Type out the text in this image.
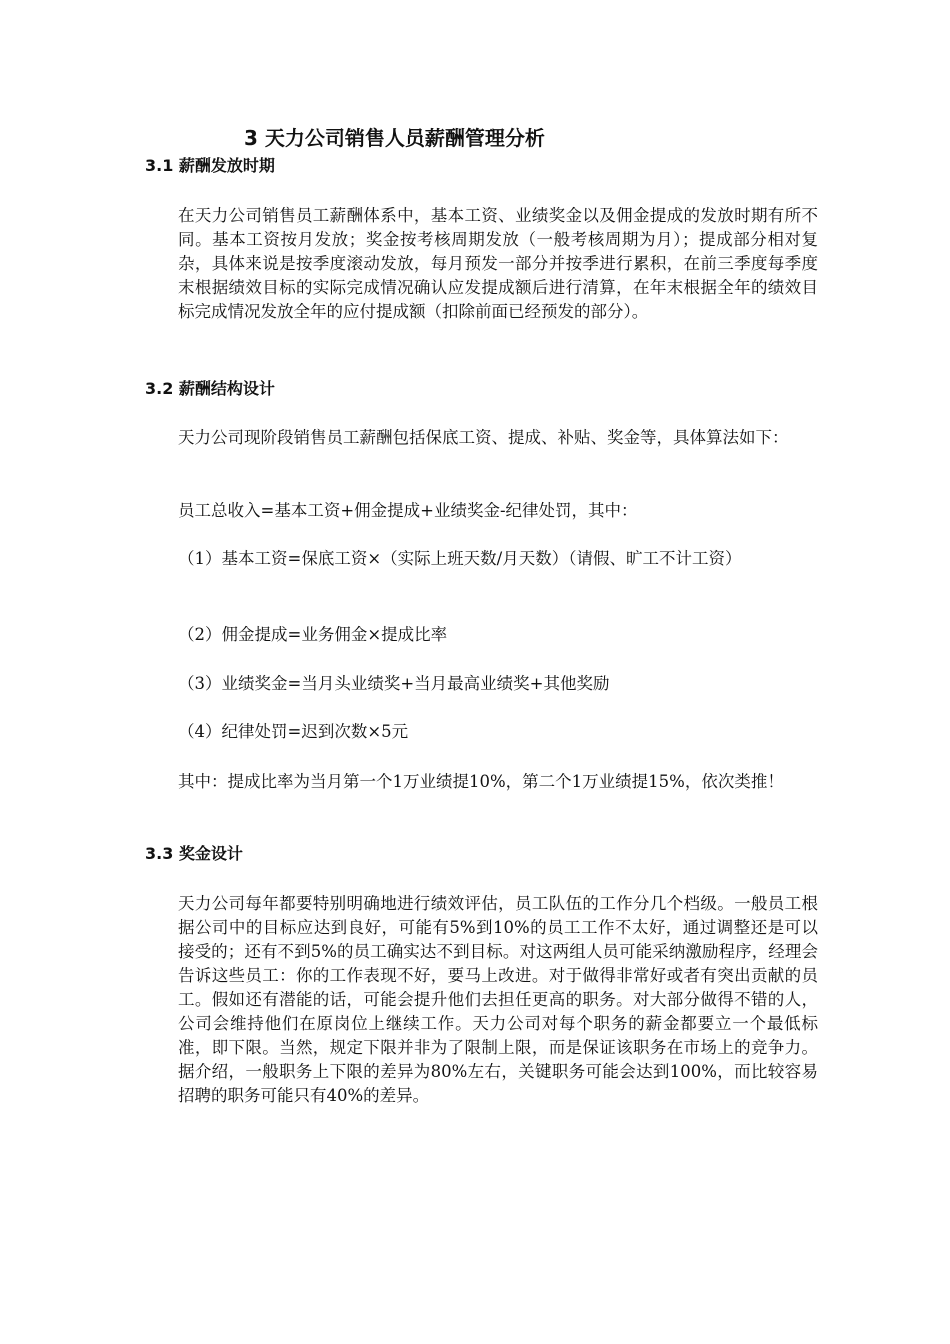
3 天力公司销售人员薪酬管理分析
3.1 薪酬发放时期

在天力公司销售员工薪酬体系中，基本工资、业绩奖金以及佣金提成的发放时期有所不同。基本工资按月发放；奖金按考核周期发放（一般考核周期为月）；提成部分相对复杂，具体来说是按季度滚动发放，每月预发一部分并按季进行累积，在前三季度每季度末根据绩效目标的实际完成情况确认应发提成额后进行清算，在年末根据全年的绩效目标完成情况发放全年的应付提成额（扣除前面已经预发的部分）。

3.2 薪酬结构设计

天力公司现阶段销售员工薪酬包括保底工资、提成、补贴、奖金等，具体算法如下：

员工总收入=基本工资+佣金提成+业绩奖金-纪律处罚，其中：

（1）基本工资=保底工资×（实际上班天数/月天数）（请假、旷工不计工资）

（2）佣金提成=业务佣金×提成比率

（3）业绩奖金=当月头业绩奖+当月最高业绩奖+其他奖励

（4）纪律处罚=迟到次数×5元

其中：提成比率为当月第一个1万业绩提10%，第二个1万业绩提15%，依次类推！

3.3 奖金设计

天力公司每年都要特别明确地进行绩效评估，员工队伍的工作分几个档级。一般员工根据公司中的目标应达到良好，可能有5%到10%的员工工作不太好，通过调整还是可以接受的；还有不到5%的员工确实达不到目标。对这两组人员可能采纳激励程序，经理会告诉这些员工：你的工作表现不好，要马上改进。对于做得非常好或者有突出贡献的员工。假如还有潜能的话，可能会提升他们去担任更高的职务。对大部分做得不错的人，公司会维持他们在原岗位上继续工作。天力公司对每个职务的薪金都要立一个最低标准，即下限。当然，规定下限并非为了限制上限，而是保证该职务在市场上的竞争力。据介绍，一般职务上下限的差异为80%左右，关键职务可能会达到100%，而比较容易招聘的职务可能只有40%的差异。
